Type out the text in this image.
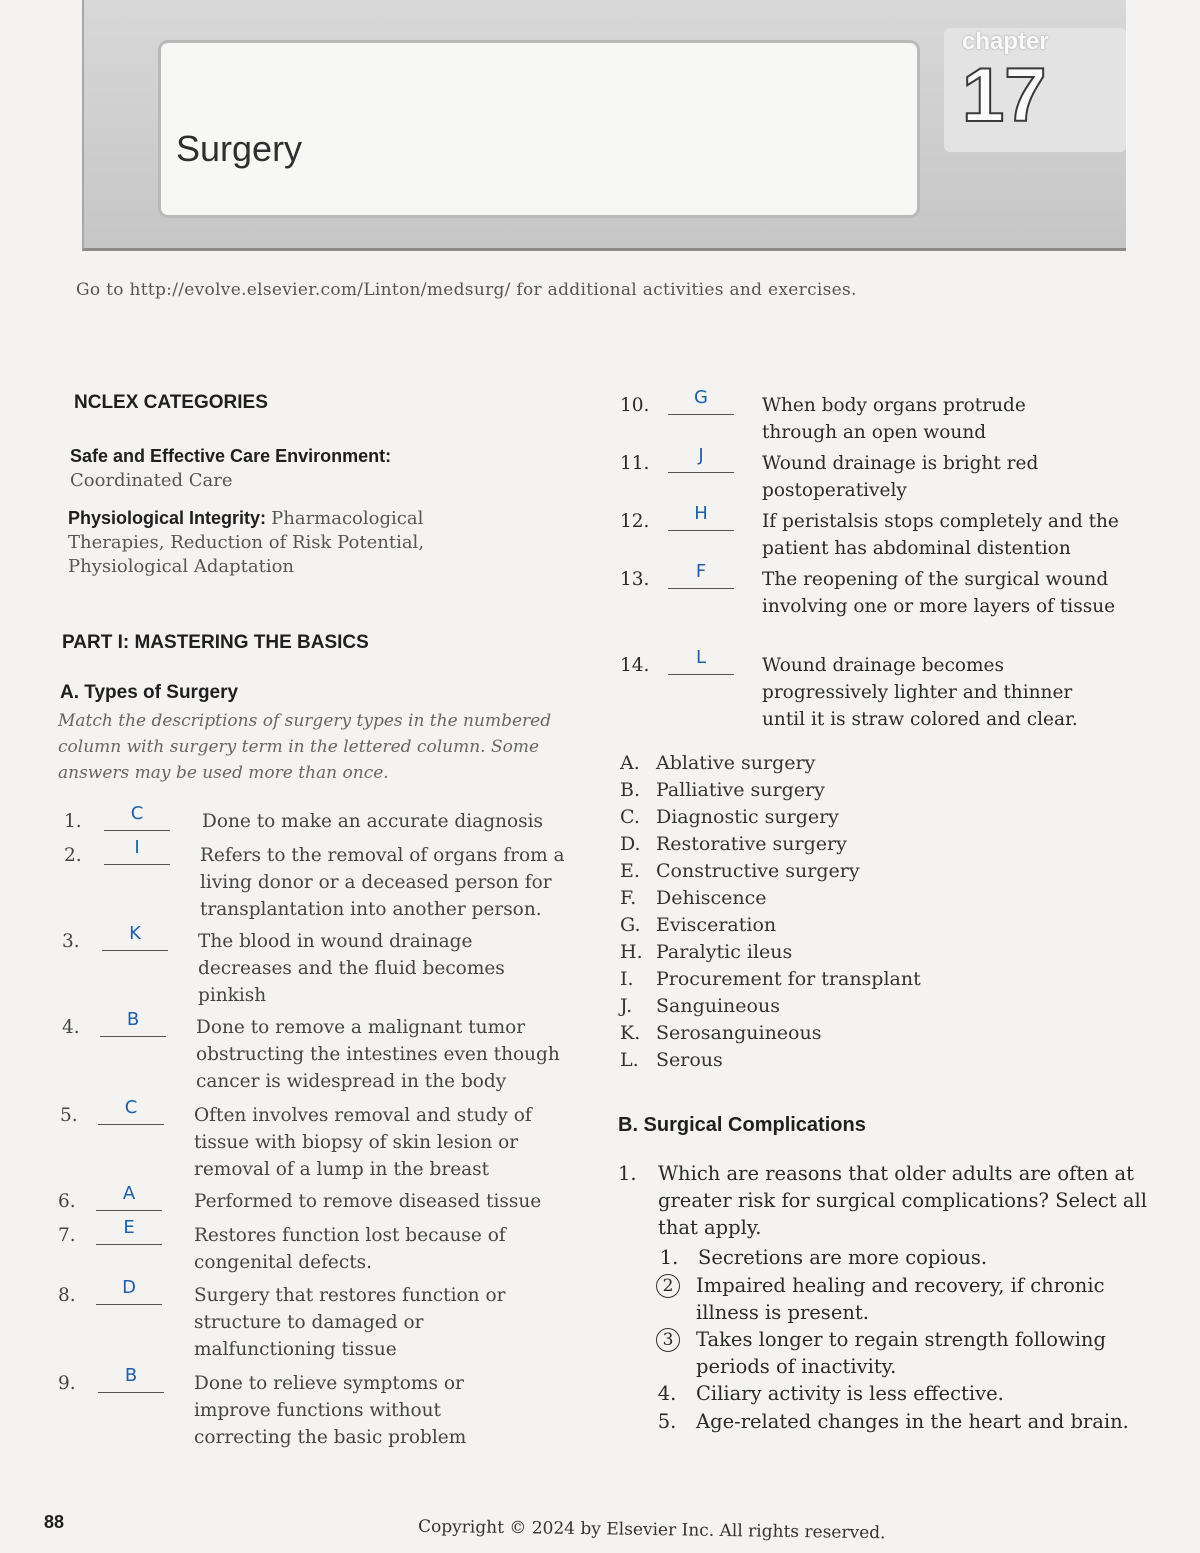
Surgery
chapter
17
Go to http://evolve.elsevier.com/Linton/medsurg/ for additional activities and exercises.
NCLEX CATEGORIES
Safe and Effective Care Environment:
Coordinated Care
Physiological Integrity: Pharmacological Therapies, Reduction of Risk Potential, Physiological Adaptation
PART I: MASTERING THE BASICS
A. Types of Surgery
Match the descriptions of surgery types in the numbered column with surgery term in the lettered column. Some answers may be used more than once.
1.	C	Done to make an accurate diagnosis
2.	I	Refers to the removal of organs from a living donor or a deceased person for transplantation into another person.
3.	K	The blood in wound drainage decreases and the fluid becomes pinkish
4.	B	Done to remove a malignant tumor obstructing the intestines even though cancer is widespread in the body
5.	C	Often involves removal and study of tissue with biopsy of skin lesion or removal of a lump in the breast
6.	A	Performed to remove diseased tissue
7.	E	Restores function lost because of congenital defects.
8.	D	Surgery that restores function or structure to damaged or malfunctioning tissue
9.	B	Done to relieve symptoms or improve functions without correcting the basic problem
10.	G	When body organs protrude through an open wound
11.	J	Wound drainage is bright red postoperatively
12.	H	If peristalsis stops completely and the patient has abdominal distention
13.	F	The reopening of the surgical wound involving one or more layers of tissue
14.	L	Wound drainage becomes progressively lighter and thinner until it is straw colored and clear.
A. Ablative surgery
B. Palliative surgery
C. Diagnostic surgery
D. Restorative surgery
E. Constructive surgery
F.	Dehiscence
G. Evisceration
H. Paralytic ileus
I.	Procurement for transplant
J.	Sanguineous
K. Serosanguineous
L. Serous
B. Surgical Complications
1. Which are reasons that older adults are often at greater risk for surgical complications? Select all that apply.
1. Secretions are more copious.
2	Impaired healing and recovery, if chronic illness is present.
3	Takes longer to regain strength following periods of inactivity.
4. Ciliary activity is less effective.
5. Age-related changes in the heart and brain.
88	Copyright © 2024 by Elsevier Inc. All rights reserved.
